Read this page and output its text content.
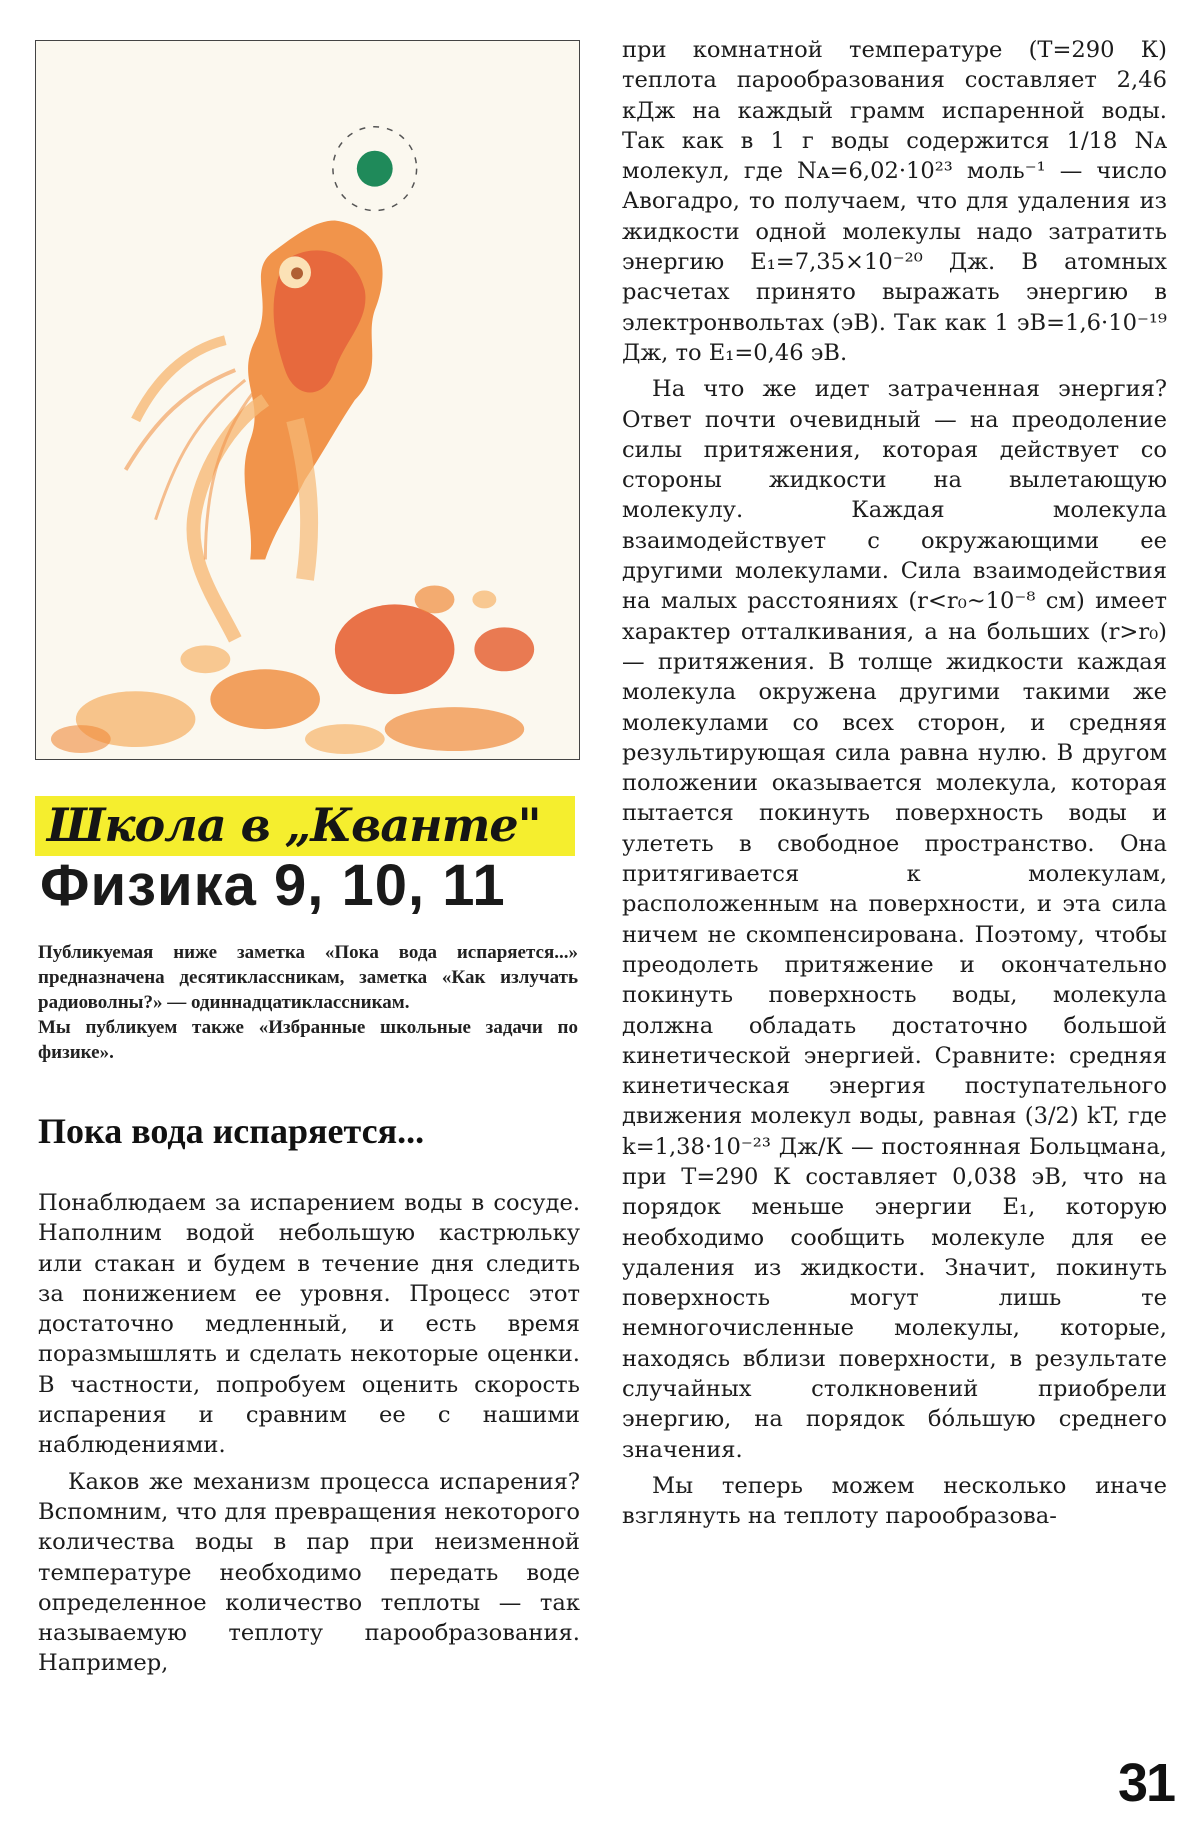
Школа в „Кванте"
Физика 9, 10, 11

Публикуемая ниже заметка «Пока вода испаряется...» предназначена десятиклассникам, заметка «Как излучать радиоволны?» — одиннадцатиклассникам.

Мы публикуем также «Избранные школьные задачи по физике».

Пока вода испаряется...

Понаблюдаем за испарением воды в сосуде. Наполним водой небольшую кастрюльку или стакан и будем в течение дня следить за понижением ее уровня. Процесс этот достаточно медленный, и есть время поразмышлять и сделать некоторые оценки. В частности, попробуем оценить скорость испарения и сравним ее с нашими наблюдениями.

Каков же механизм процесса испарения? Вспомним, что для превращения некоторого количества воды в пар при неизменной температуре необходимо передать воде определенное количество теплоты — так называемую теплоту парообразования. Например,

при комнатной температуре (T=290 К) теплота парообразования составляет 2,46 кДж на каждый грамм испаренной воды. Так как в 1 г воды содержится 1/18 Nᴀ молекул, где Nᴀ=6,02·10²³ моль⁻¹ — число Авогадро, то получаем, что для удаления из жидкости одной молекулы надо затратить энергию E₁=7,35×10⁻²⁰ Дж. В атомных расчетах принято выражать энергию в электронвольтах (эВ). Так как 1 эВ=1,6·10⁻¹⁹ Дж, то E₁=0,46 эВ.

На что же идет затраченная энергия? Ответ почти очевидный — на преодоление силы притяжения, которая действует со стороны жидкости на вылетающую молекулу. Каждая молекула взаимодействует с окружающими ее другими молекулами. Сила взаимодействия на малых расстояниях (r<r₀~10⁻⁸ см) имеет характер отталкивания, а на больших (r>r₀) — притяжения. В толще жидкости каждая молекула окружена другими такими же молекулами со всех сторон, и средняя результирующая сила равна нулю. В другом положении оказывается молекула, которая пытается покинуть поверхность воды и улететь в свободное пространство. Она притягивается к молекулам, расположенным на поверхности, и эта сила ничем не скомпенсирована. Поэтому, чтобы преодолеть притяжение и окончательно покинуть поверхность воды, молекула должна обладать достаточно большой кинетической энергией. Сравните: средняя кинетическая энергия поступательного движения молекул воды, равная (3/2) kT, где k=1,38·10⁻²³ Дж/К — постоянная Больцмана, при T=290 К составляет 0,038 эВ, что на порядок меньше энергии E₁, которую необходимо сообщить молекуле для ее удаления из жидкости. Значит, покинуть поверхность могут лишь те немногочисленные молекулы, которые, находясь вблизи поверхности, в результате случайных столкновений приобрели энергию, на порядок бо́льшую среднего значения.

Мы теперь можем несколько иначе взглянуть на теплоту парообразова-

31
